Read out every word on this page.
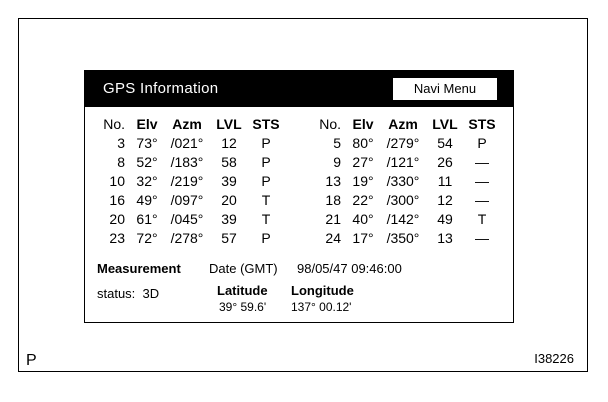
GPS Information	Navi Menu
No.	Elv	Azm	LVL	STS
3	73°	/021°	12	P
8	52°	/183°	58	P
10	32°	/219°	39	P
16	49°	/097°	20	T
20	61°	/045°	39	T
23	72°	/278°	57	P
No.	Elv	Azm	LVL	STS
5	80°	/279°	54	P
9	27°	/121°	26	—
13	19°	/330°	11	—
18	22°	/300°	12	—
21	40°	/142°	49	T
24	17°	/350°	13	—
Measurement Date (GMT) 98/05/47 09:46:00
status: 3D	Latitude
39° 59.6'
Longitude
137° 00.12'
P	I38226
